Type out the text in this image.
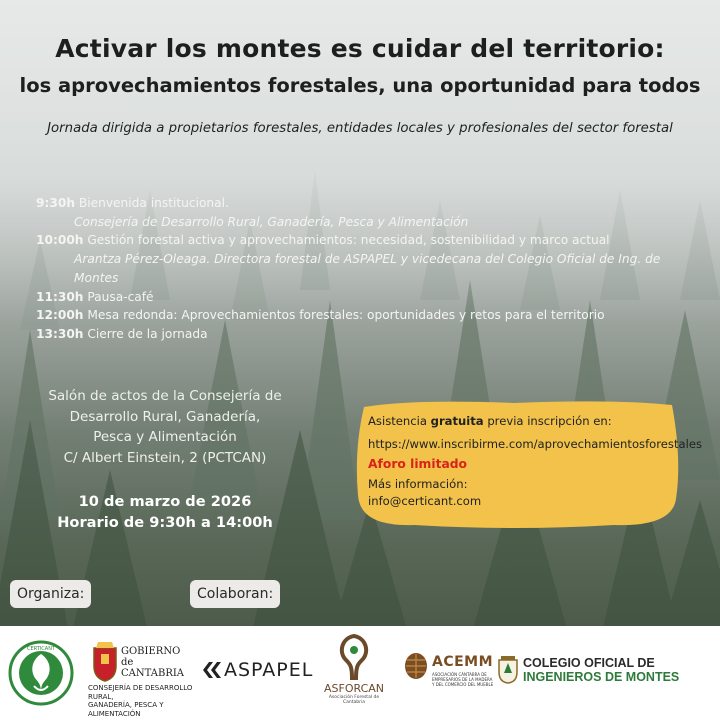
Activar los montes es cuidar del territorio:
los aprovechamientos forestales, una oportunidad para todos
Jornada dirigida a propietarios forestales, entidades locales y profesionales del sector forestal
9:30h Bienvenida institucional.
Consejería de Desarrollo Rural, Ganadería, Pesca y Alimentación
10:00h Gestión forestal activa y aprovechamientos: necesidad, sostenibilidad y marco actual
Arantza Pérez-Oleaga. Directora forestal de ASPAPEL y vicedecana del Colegio Oficial de Ing. de Montes
11:30h Pausa-café
12:00h Mesa redonda: Aprovechamientos forestales: oportunidades y retos para el territorio
13:30h Cierre de la jornada
Salón de actos de la Consejería de
Desarrollo Rural, Ganadería,
Pesca y Alimentación
C/ Albert Einstein, 2 (PCTCAN)
10 de marzo de 2026
Horario de 9:30h a 14:00h
Asistencia gratuita previa inscripción en:
https://www.inscribirme.com/aprovechamientosforestales
Aforo limitado
Más información:
info@certicant.com
Organiza:	Colaboran:
CERTICANT	GOBIERNO
de
CANTABRIA
CONSEJERÍA DE DESARROLLO RURAL,
GANADERÍA, PESCA Y ALIMENTACIÓN
ASPAPEL
ASFORCAN
Asociación Forestal de Cantabria
ACEMM
ASOCIACIÓN CÁNTABRA DE
EMPRESARIOS DE LA MADERA
Y DEL COMERCIO DEL MUEBLE
COLEGIO OFICIAL DE
INGENIEROS DE MONTES
